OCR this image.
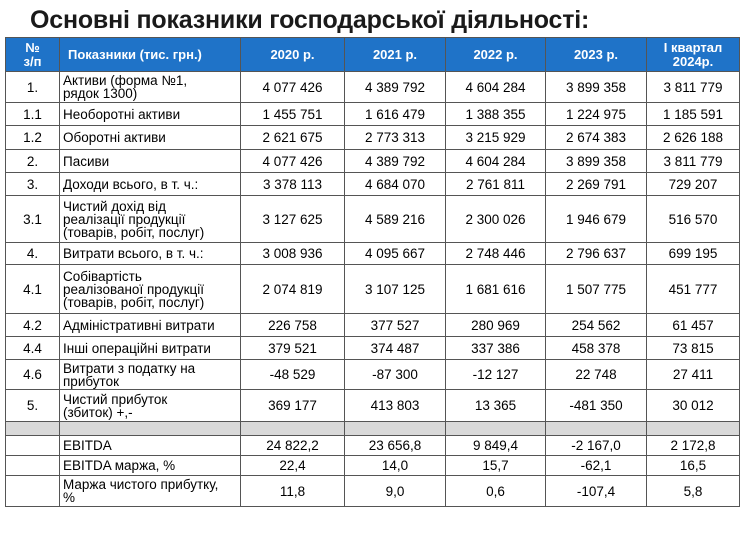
Основні показники господарської діяльності:
№
з/п	Показники (тис. грн.)	2020 р.	2021 р.	2022 р.	2023 р.	І квартал
2024р.
1.	Активи (форма №1,
рядок 1300)	4 077 426	4 389 792	4 604 284	3 899 358	3 811 779
1.1	Необоротні активи	1 455 751	1 616 479	1 388 355	1 224 975	1 185 591
1.2	Оборотні активи	2 621 675	2 773 313	3 215 929	2 674 383	2 626 188
2.	Пасиви	4 077 426	4 389 792	4 604 284	3 899 358	3 811 779
3.	Доходи всього, в т. ч.:	3 378 113	4 684 070	2 761 811	2 269 791	729 207
3.1	Чистий дохід від
реалізації продукції
(товарів, робіт, послуг)	3 127 625	4 589 216	2 300 026	1 946 679	516 570
4.	Витрати всього, в т. ч.:	3 008 936	4 095 667	2 748 446	2 796 637	699 195
4.1	Собівартість
реалізованої продукції
(товарів, робіт, послуг)	2 074 819	3 107 125	1 681 616	1 507 775	451 777
4.2	Адміністративні витрати	226 758	377 527	280 969	254 562	61 457
4.4	Інші операційні витрати	379 521	374 487	337 386	458 378	73 815
4.6	Витрати з податку на
прибуток	-48 529	-87 300	-12 127	22 748	27 411
5.	Чистий прибуток
(збиток) +,-	369 177	413 803	13 365	-481 350	30 012

	EBITDA	24 822,2	23 656,8	9 849,4	-2 167,0	2 172,8
	EBITDA маржа, %	22,4	14,0	15,7	-62,1	16,5
	Маржа чистого прибутку,
%	11,8	9,0	0,6	-107,4	5,8
